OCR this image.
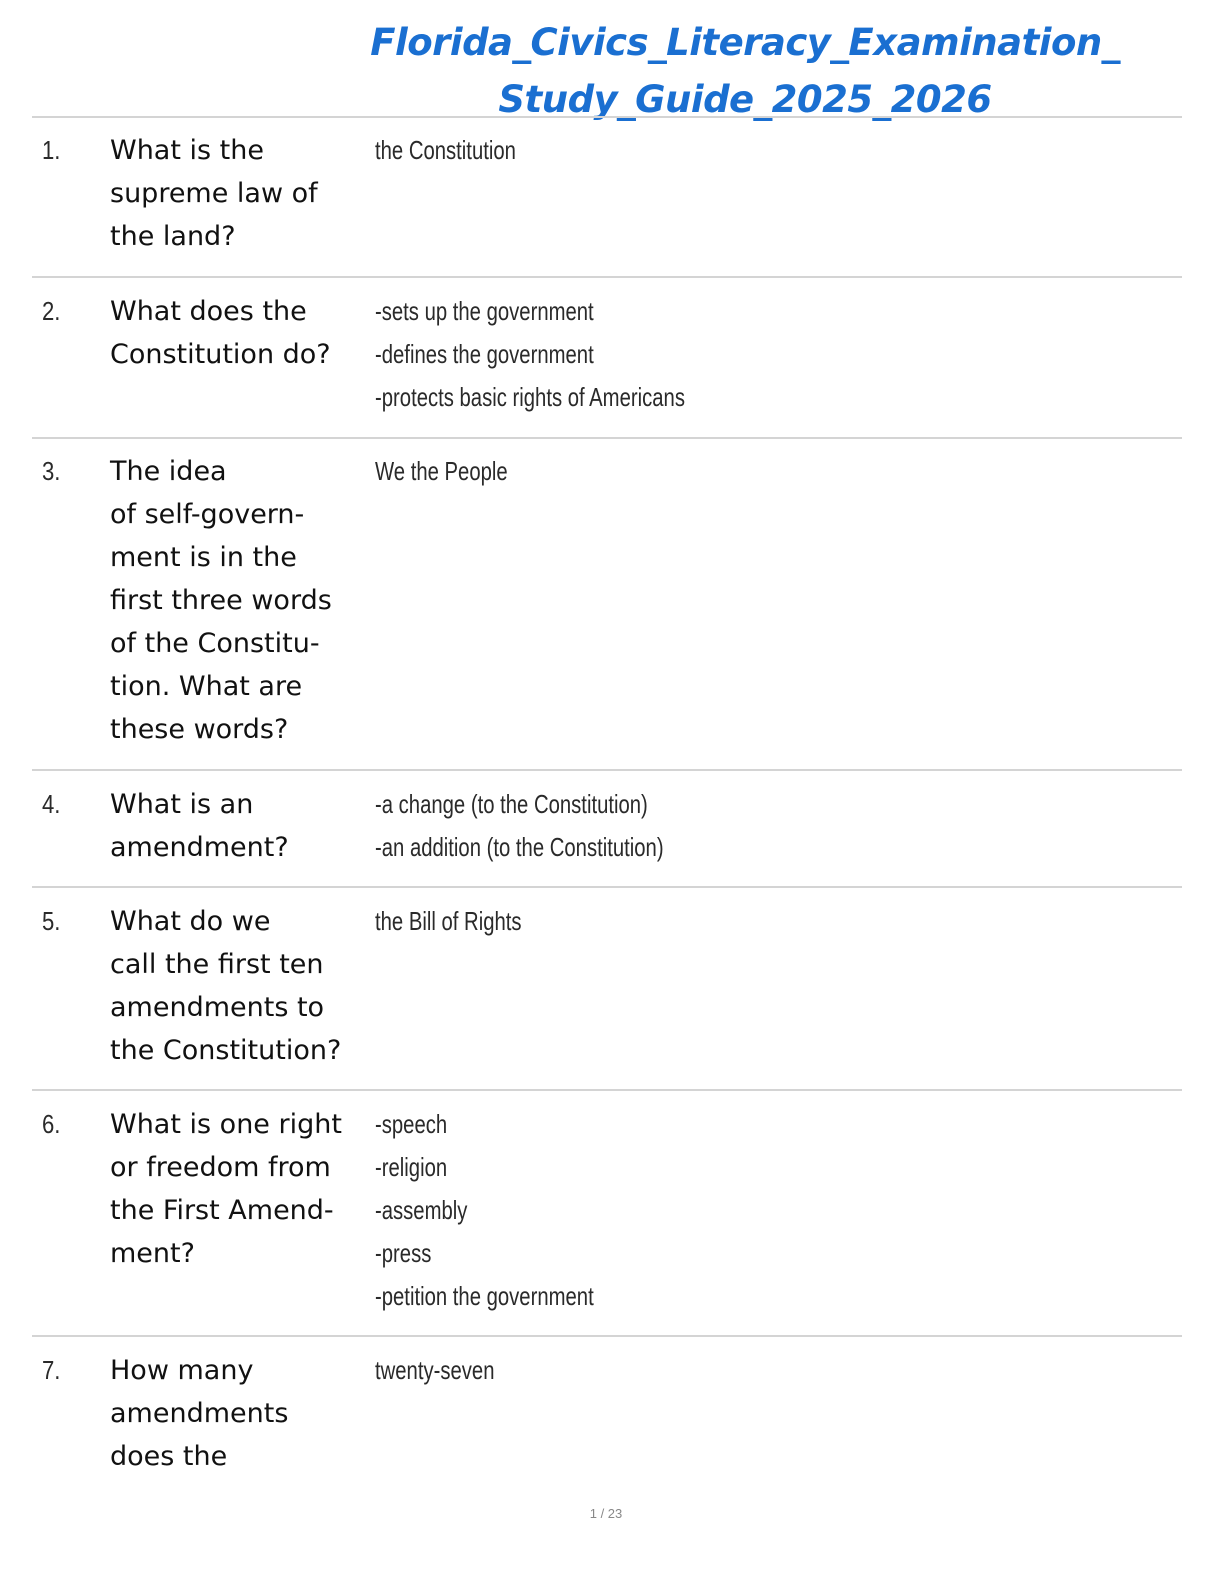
Florida_Civics_Literacy_Examination_
Study_Guide_2025_2026
1. What is the
supreme law of
the land?
the Constitution
2. What does the
Constitution do?
-sets up the government
-defines the government
-protects basic rights of Americans
3. The idea
of self-govern-
ment is in the
first three words
of the Constitu-
tion. What are
these words?
We the People
4. What is an
amendment?
-a change (to the Constitution)
-an addition (to the Constitution)
5. What do we
call the first ten
amendments to
the Constitution?
the Bill of Rights
6. What is one right
or freedom from
the First Amend-
ment?
-speech
-religion
-assembly
-press
-petition the government
7. How many
amendments
does the
twenty-seven
1 / 23
